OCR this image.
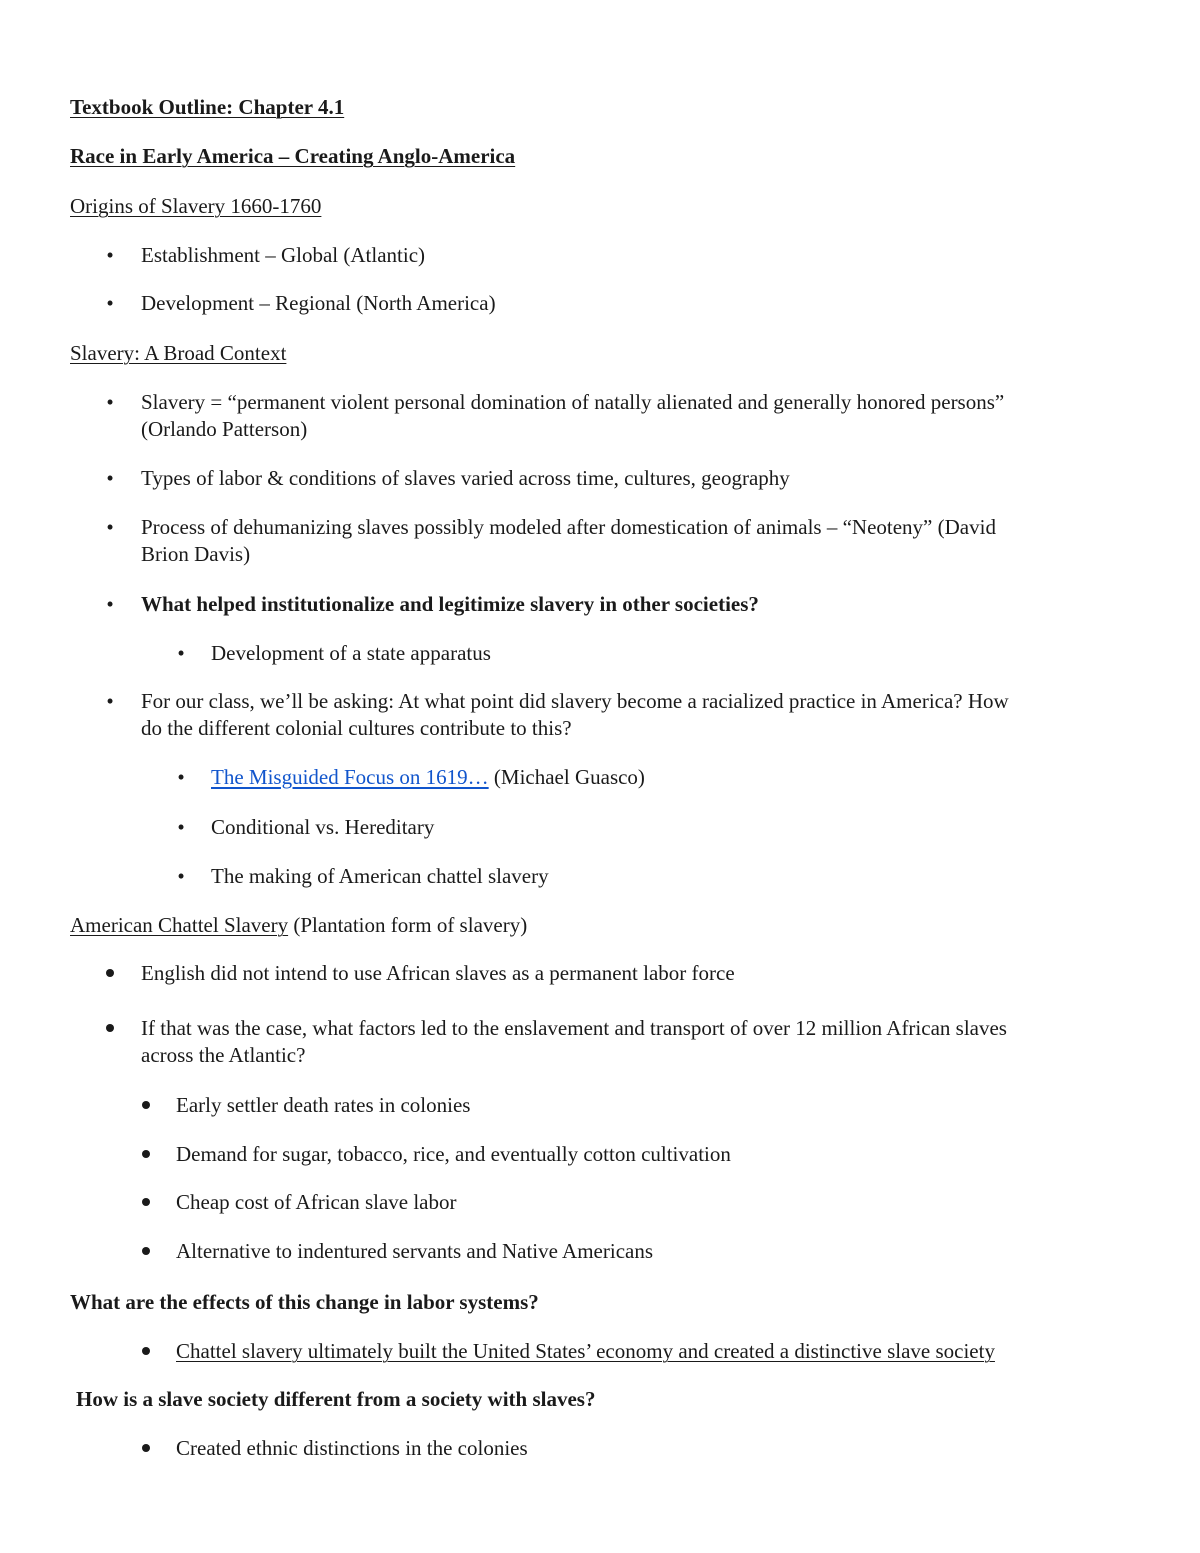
Textbook Outline: Chapter 4.1
Race in Early America – Creating Anglo-America
Origins of Slavery 1660-1760
•	Establishment – Global (Atlantic)
•	Development – Regional (North America)
Slavery: A Broad Context
•	Slavery = “permanent violent personal domination of natally alienated and generally honored persons”
(Orlando Patterson)
•	Types of labor & conditions of slaves varied across time, cultures, geography
•	Process of dehumanizing slaves possibly modeled after domestication of animals – “Neoteny” (David
Brion Davis)
•	What helped institutionalize and legitimize slavery in other societies?
•	Development of a state apparatus
•	For our class, we’ll be asking: At what point did slavery become a racialized practice in America? How
do the different colonial cultures contribute to this?
•	The Misguided Focus on 1619… (Michael Guasco)
•	Conditional vs. Hereditary
•	The making of American chattel slavery
American Chattel Slavery (Plantation form of slavery)
English did not intend to use African slaves as a permanent labor force
If that was the case, what factors led to the enslavement and transport of over 12 million African slaves
across the Atlantic?
Early settler death rates in colonies
Demand for sugar, tobacco, rice, and eventually cotton cultivation
Cheap cost of African slave labor
Alternative to indentured servants and Native Americans
What are the effects of this change in labor systems?
Chattel slavery ultimately built the United States’ economy and created a distinctive slave society
How is a slave society different from a society with slaves?
Created ethnic distinctions in the colonies
